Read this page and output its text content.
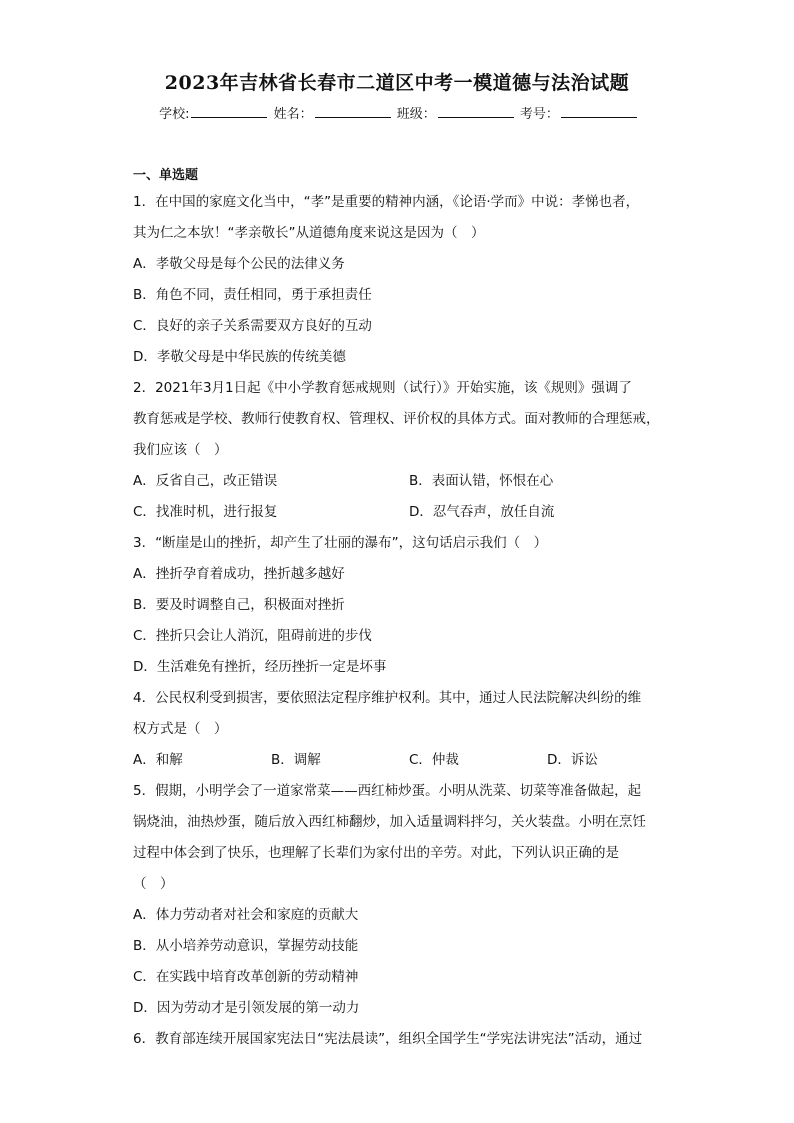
2023年吉林省长春市二道区中考一模道德与法治试题
学校:	姓名：	班级：	考号：
一、单选题
1．在中国的家庭文化当中，“孝”是重要的精神内涵，《论语·学而》中说：孝悌也者，
其为仁之本欤！“孝亲敬长”从道德角度来说这是因为（　）
A．孝敬父母是每个公民的法律义务
B．角色不同，责任相同，勇于承担责任
C．良好的亲子关系需要双方良好的互动
D．孝敬父母是中华民族的传统美德
2．2021年3月1日起《中小学教育惩戒规则（试行）》开始实施，该《规则》强调了
教育惩戒是学校、教师行使教育权、管理权、评价权的具体方式。面对教师的合理惩戒，
我们应该（　）
A．反省自己，改正错误	B．表面认错，怀恨在心
C．找准时机，进行报复	D．忍气吞声，放任自流
3．“断崖是山的挫折，却产生了壮丽的瀑布”，这句话启示我们（　）
A．挫折孕育着成功，挫折越多越好
B．要及时调整自己，积极面对挫折
C．挫折只会让人消沉，阻碍前进的步伐
D．生活难免有挫折，经历挫折一定是坏事
4．公民权利受到损害，要依照法定程序维护权利。其中，通过人民法院解决纠纷的维
权方式是（　）
A．和解	B．调解	C．仲裁	D．诉讼
5．假期，小明学会了一道家常菜——西红柿炒蛋。小明从洗菜、切菜等准备做起，起
锅烧油，油热炒蛋，随后放入西红柿翻炒，加入适量调料拌匀，关火装盘。小明在烹饪
过程中体会到了快乐，也理解了长辈们为家付出的辛劳。对此，下列认识正确的是
（　）
A．体力劳动者对社会和家庭的贡献大
B．从小培养劳动意识，掌握劳动技能
C．在实践中培育改革创新的劳动精神
D．因为劳动才是引领发展的第一动力
6．教育部连续开展国家宪法日“宪法晨读”，组织全国学生“学宪法讲宪法”活动，通过
